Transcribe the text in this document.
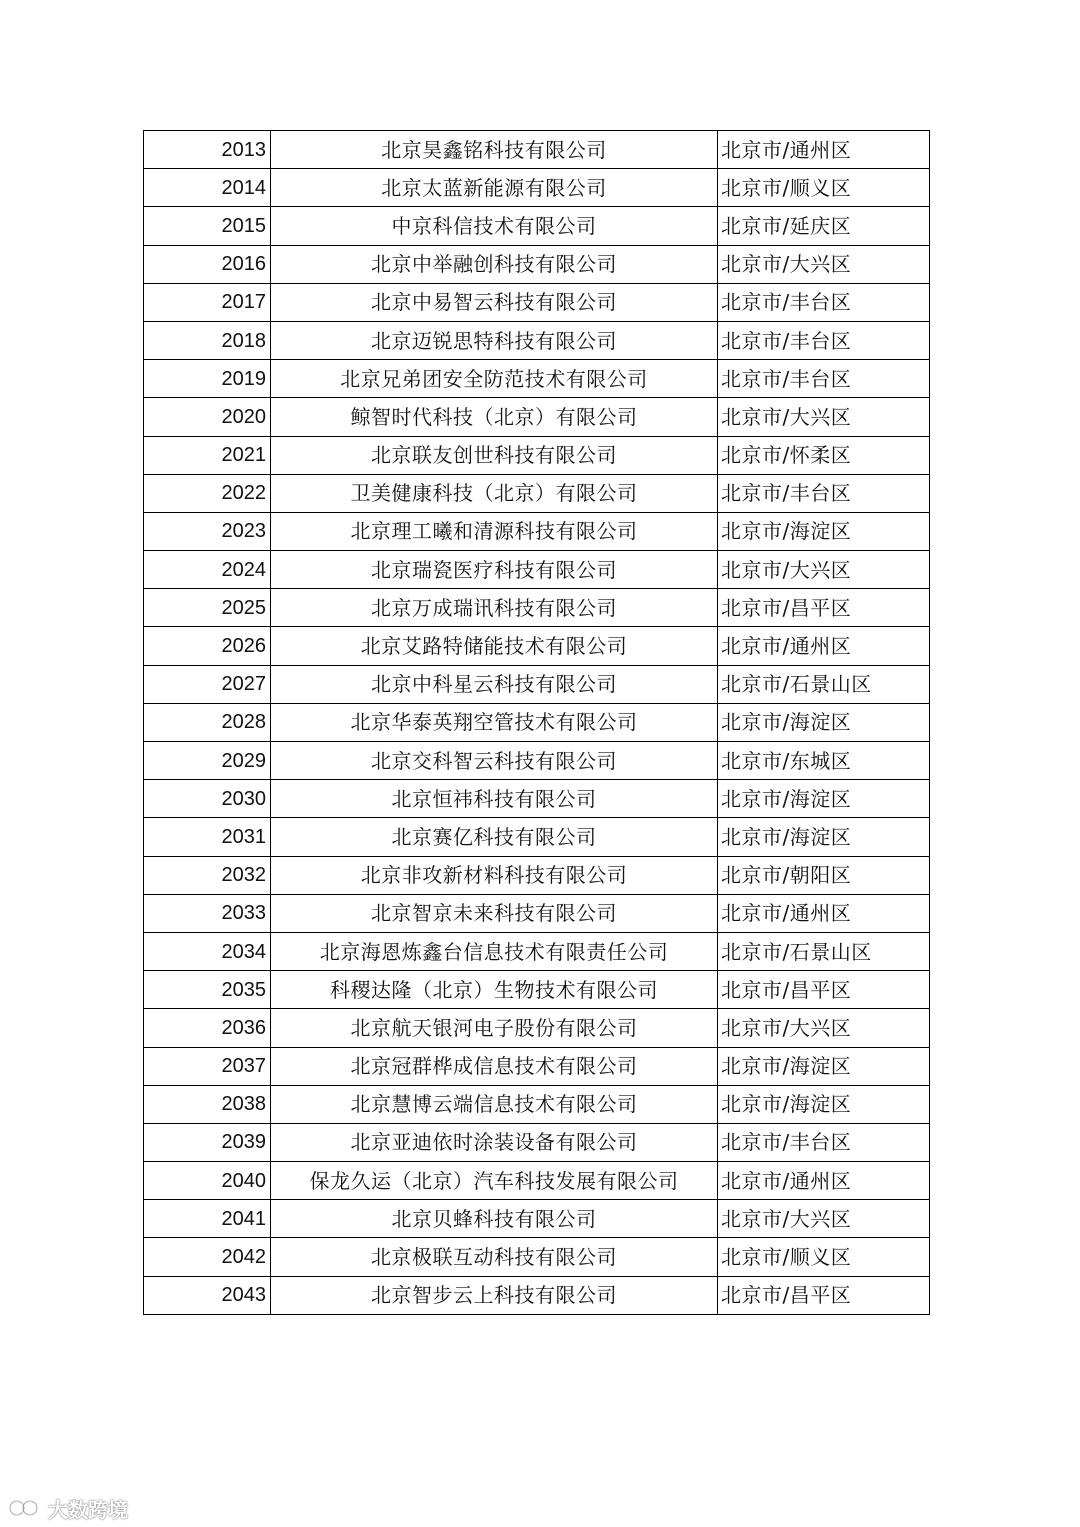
2013	北京昊鑫铭科技有限公司	北京市/通州区
2014	北京太蓝新能源有限公司	北京市/顺义区
2015	中京科信技术有限公司	北京市/延庆区
2016	北京中举融创科技有限公司	北京市/大兴区
2017	北京中易智云科技有限公司	北京市/丰台区
2018	北京迈锐思特科技有限公司	北京市/丰台区
2019	北京兄弟团安全防范技术有限公司	北京市/丰台区
2020	鲸智时代科技（北京）有限公司	北京市/大兴区
2021	北京联友创世科技有限公司	北京市/怀柔区
2022	卫美健康科技（北京）有限公司	北京市/丰台区
2023	北京理工曦和清源科技有限公司	北京市/海淀区
2024	北京瑞瓷医疗科技有限公司	北京市/大兴区
2025	北京万成瑞讯科技有限公司	北京市/昌平区
2026	北京艾路特储能技术有限公司	北京市/通州区
2027	北京中科星云科技有限公司	北京市/石景山区
2028	北京华泰英翔空管技术有限公司	北京市/海淀区
2029	北京交科智云科技有限公司	北京市/东城区
2030	北京恒祎科技有限公司	北京市/海淀区
2031	北京赛亿科技有限公司	北京市/海淀区
2032	北京非攻新材料科技有限公司	北京市/朝阳区
2033	北京智京未来科技有限公司	北京市/通州区
2034	北京海恩炼鑫台信息技术有限责任公司	北京市/石景山区
2035	科稷达隆（北京）生物技术有限公司	北京市/昌平区
2036	北京航天银河电子股份有限公司	北京市/大兴区
2037	北京冠群桦成信息技术有限公司	北京市/海淀区
2038	北京慧博云端信息技术有限公司	北京市/海淀区
2039	北京亚迪依时涂装设备有限公司	北京市/丰台区
2040	保龙久运（北京）汽车科技发展有限公司	北京市/通州区
2041	北京贝蜂科技有限公司	北京市/大兴区
2042	北京极联互动科技有限公司	北京市/顺义区
2043	北京智步云上科技有限公司	北京市/昌平区
大数跨境
